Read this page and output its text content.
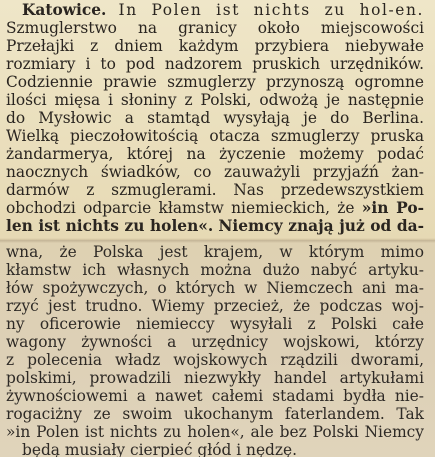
Katowice. In Polen ist nichts zu hol-en.
Szmuglerstwo na granicy około miejscowości
Przełajki z dniem każdym przybiera niebywałe
rozmiary i to pod nadzorem pruskich urzędników.
Codziennie prawie szmuglerzy przynoszą ogromne
ilości mięsa i słoniny z Polski, odwożą je następnie
do Mysłowic a stamtąd wysyłają je do Berlina.
Wielką pieczołowitością otacza szmuglerzy pruska
żandarmerya, której na życzenie możemy podać
naocznych świadków, co zauważyli przyjaźń żan-
darmów z szmuglerami. Nas przedewszystkiem
obchodzi odparcie kłamstw niemieckich, że »in Po-
len ist nichts zu holen«. Niemcy znają już od da-
wna, że Polska jest krajem, w którym mimo
kłamstw ich własnych można dużo nabyć artyku-
łów spożywczych, o których w Niemczech ani ma-
rzyć jest trudno. Wiemy przecież, że podczas woj-
ny oficerowie niemieccy wysyłali z Polski całe
wagony żywności a urzędnicy wojskowi, którzy
z polecenia władz wojskowych rządzili dworami,
polskimi, prowadzili niezwykły handel artykułami
żywnościowemi a nawet całemi stadami bydła nie-
rogaciżny ze swoim ukochanym faterlandem. Tak
»in Polen ist nichts zu holen«, ale bez Polski Niemcy
będą musiały cierpieć głód i nędzę.
